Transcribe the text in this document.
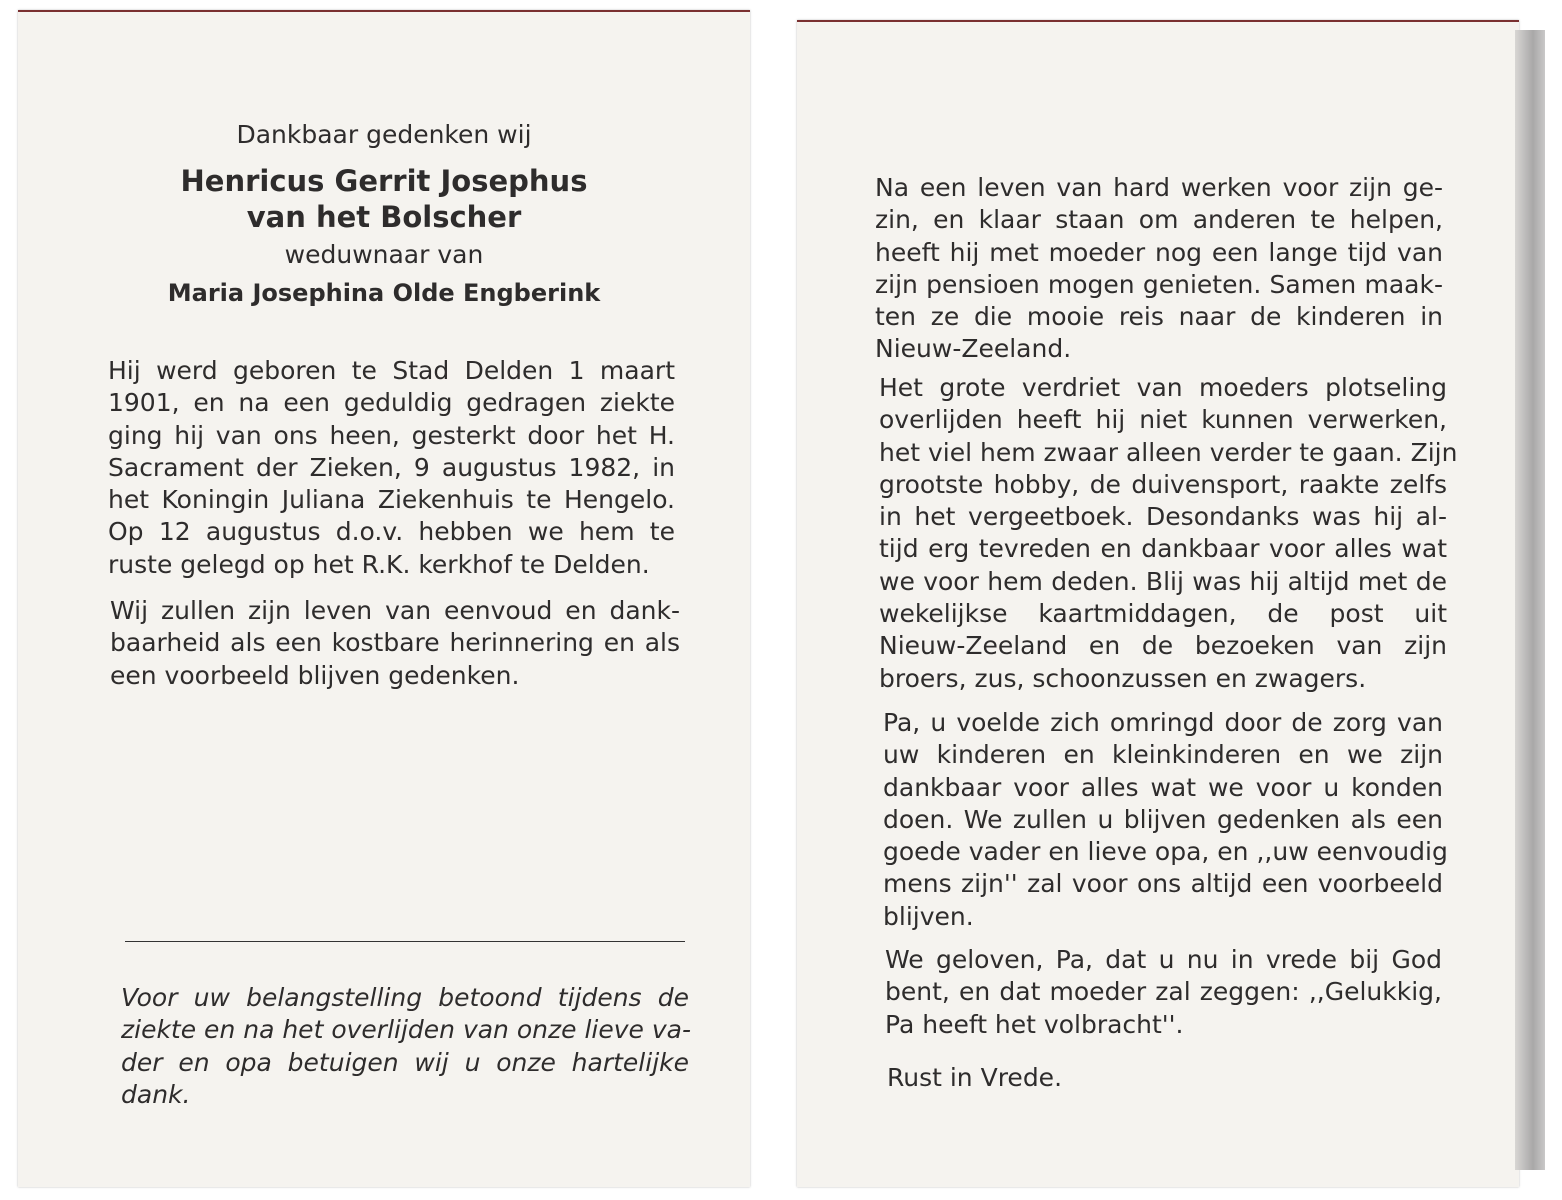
Dankbaar gedenken wij
Henricus Gerrit Josephus
van het Bolscher
weduwnaar van
Maria Josephina Olde Engberink
Hij werd geboren te Stad Delden 1 maart
1901, en na een geduldig gedragen ziekte
ging hij van ons heen, gesterkt door het H.
Sacrament der Zieken, 9 augustus 1982, in
het Koningin Juliana Ziekenhuis te Hengelo.
Op 12 augustus d.o.v. hebben we hem te
ruste gelegd op het R.K. kerkhof te Delden.
Wij zullen zijn leven van eenvoud en dank-
baarheid als een kostbare herinnering en als
een voorbeeld blijven gedenken.
Voor uw belangstelling betoond tijdens de
ziekte en na het overlijden van onze lieve va-
der en opa betuigen wij u onze hartelijke
dank.
Na een leven van hard werken voor zijn ge-
zin, en klaar staan om anderen te helpen,
heeft hij met moeder nog een lange tijd van
zijn pensioen mogen genieten. Samen maak-
ten ze die mooie reis naar de kinderen in
Nieuw-Zeeland.
Het grote verdriet van moeders plotseling
overlijden heeft hij niet kunnen verwerken,
het viel hem zwaar alleen verder te gaan. Zijn
grootste hobby, de duivensport, raakte zelfs
in het vergeetboek. Desondanks was hij al-
tijd erg tevreden en dankbaar voor alles wat
we voor hem deden. Blij was hij altijd met de
wekelijkse kaartmiddagen, de post uit
Nieuw-Zeeland en de bezoeken van zijn
broers, zus, schoonzussen en zwagers.
Pa, u voelde zich omringd door de zorg van
uw kinderen en kleinkinderen en we zijn
dankbaar voor alles wat we voor u konden
doen. We zullen u blijven gedenken als een
goede vader en lieve opa, en ,,uw eenvoudig
mens zijn'' zal voor ons altijd een voorbeeld
blijven.
We geloven, Pa, dat u nu in vrede bij God
bent, en dat moeder zal zeggen: ,,Gelukkig,
Pa heeft het volbracht''.
Rust in Vrede.
